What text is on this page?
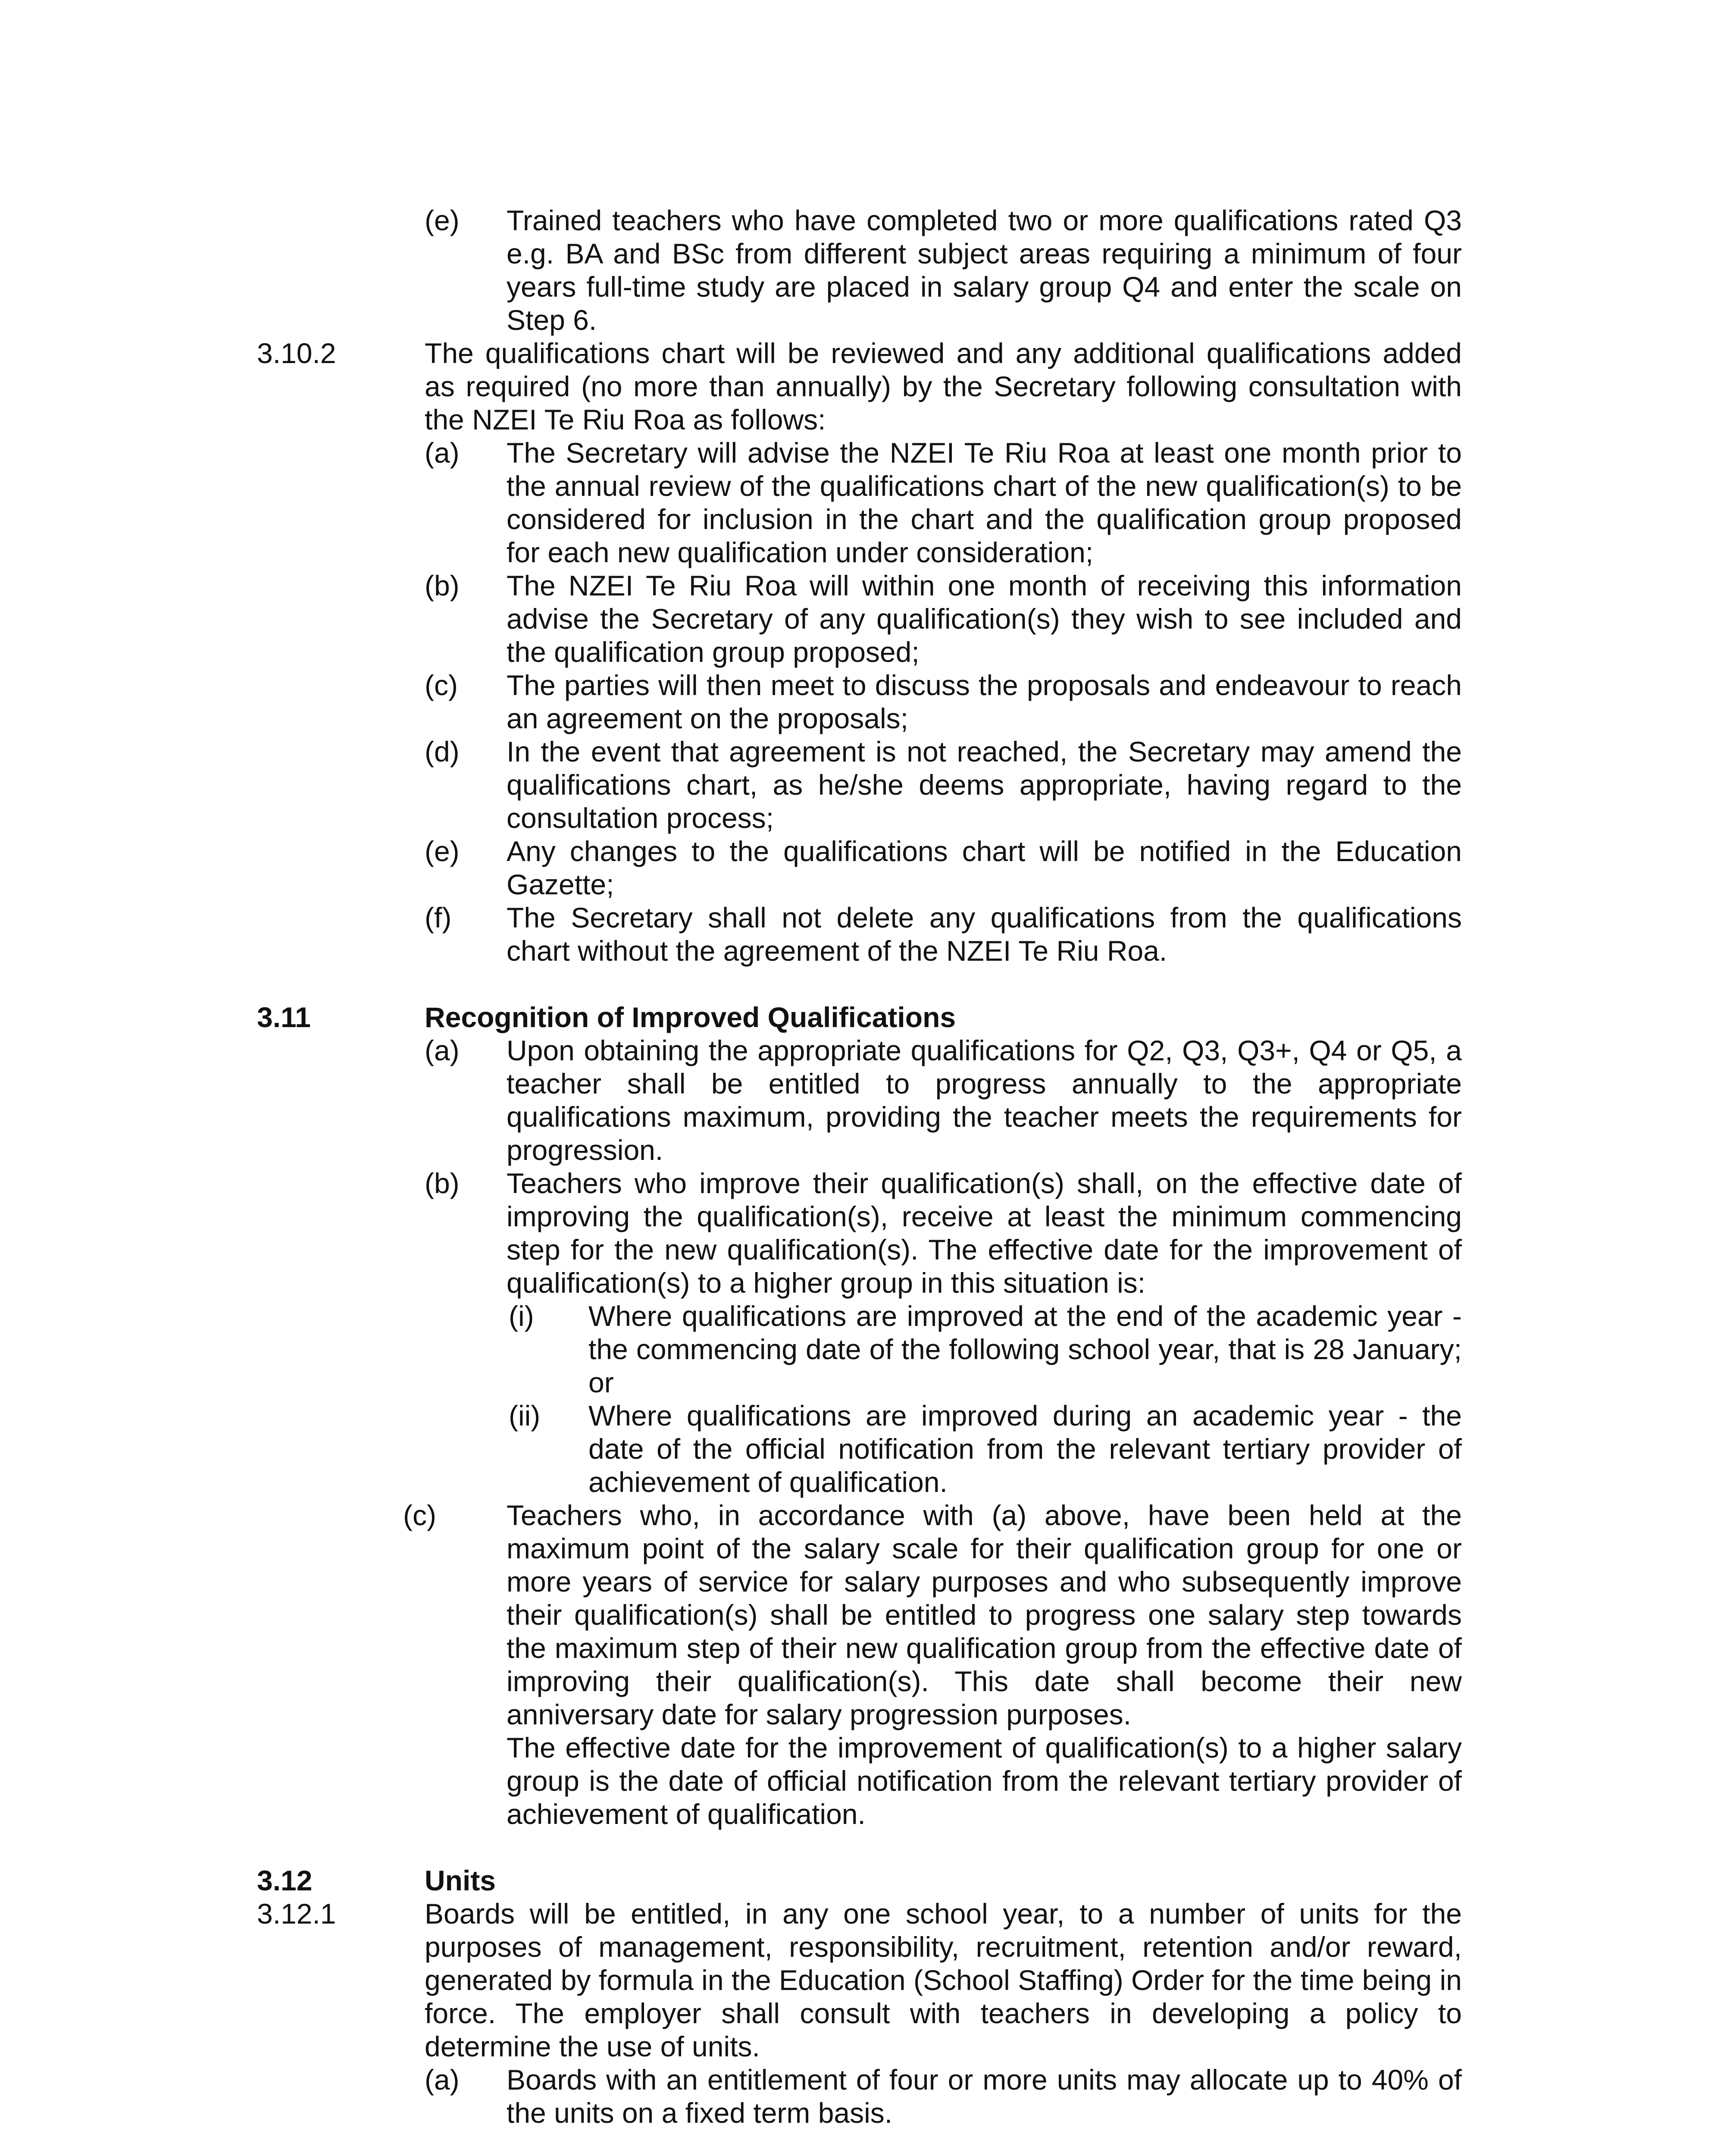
(e) Trained teachers who have completed two or more qualifications rated Q3 e.g. BA and BSc from different subject areas requiring a minimum of four years full-time study are placed in salary group Q4 and enter the scale on Step 6.
3.10.2	The qualifications chart will be reviewed and any additional qualifications added as required (no more than annually) by the Secretary following consultation with the NZEI Te Riu Roa as follows:
(a) The Secretary will advise the NZEI Te Riu Roa at least one month prior to the annual review of the qualifications chart of the new qualification(s) to be considered for inclusion in the chart and the qualification group proposed for each new qualification under consideration;
(b) The NZEI Te Riu Roa will within one month of receiving this information advise the Secretary of any qualification(s) they wish to see included and the qualification group proposed;
(c) The parties will then meet to discuss the proposals and endeavour to reach an agreement on the proposals;
(d) In the event that agreement is not reached, the Secretary may amend the qualifications chart, as he/she deems appropriate, having regard to the consultation process;
(e) Any changes to the qualifications chart will be notified in the Education Gazette;
(f) The Secretary shall not delete any qualifications from the qualifications chart without the agreement of the NZEI Te Riu Roa.
3.11	Recognition of Improved Qualifications
(a) Upon obtaining the appropriate qualifications for Q2, Q3, Q3+, Q4 or Q5, a teacher shall be entitled to progress annually to the appropriate qualifications maximum, providing the teacher meets the requirements for progression.
(b) Teachers who improve their qualification(s) shall, on the effective date of improving the qualification(s), receive at least the minimum commencing step for the new qualification(s). The effective date for the improvement of qualification(s) to a higher group in this situation is:
(i) Where qualifications are improved at the end of the academic year - the commencing date of the following school year, that is 28 January; or
(ii) Where qualifications are improved during an academic year - the date of the official notification from the relevant tertiary provider of achievement of qualification.
(c) Teachers who, in accordance with (a) above, have been held at the maximum point of the salary scale for their qualification group for one or more years of service for salary purposes and who subsequently improve their qualification(s) shall be entitled to progress one salary step towards the maximum step of their new qualification group from the effective date of improving their qualification(s). This date shall become their new anniversary date for salary progression purposes.
The effective date for the improvement of qualification(s) to a higher salary group is the date of official notification from the relevant tertiary provider of achievement of qualification.
3.12	Units
3.12.1	Boards will be entitled, in any one school year, to a number of units for the purposes of management, responsibility, recruitment, retention and/or reward, generated by formula in the Education (School Staffing) Order for the time being in force. The employer shall consult with teachers in developing a policy to determine the use of units.
(a) Boards with an entitlement of four or more units may allocate up to 40% of the units on a fixed term basis.
